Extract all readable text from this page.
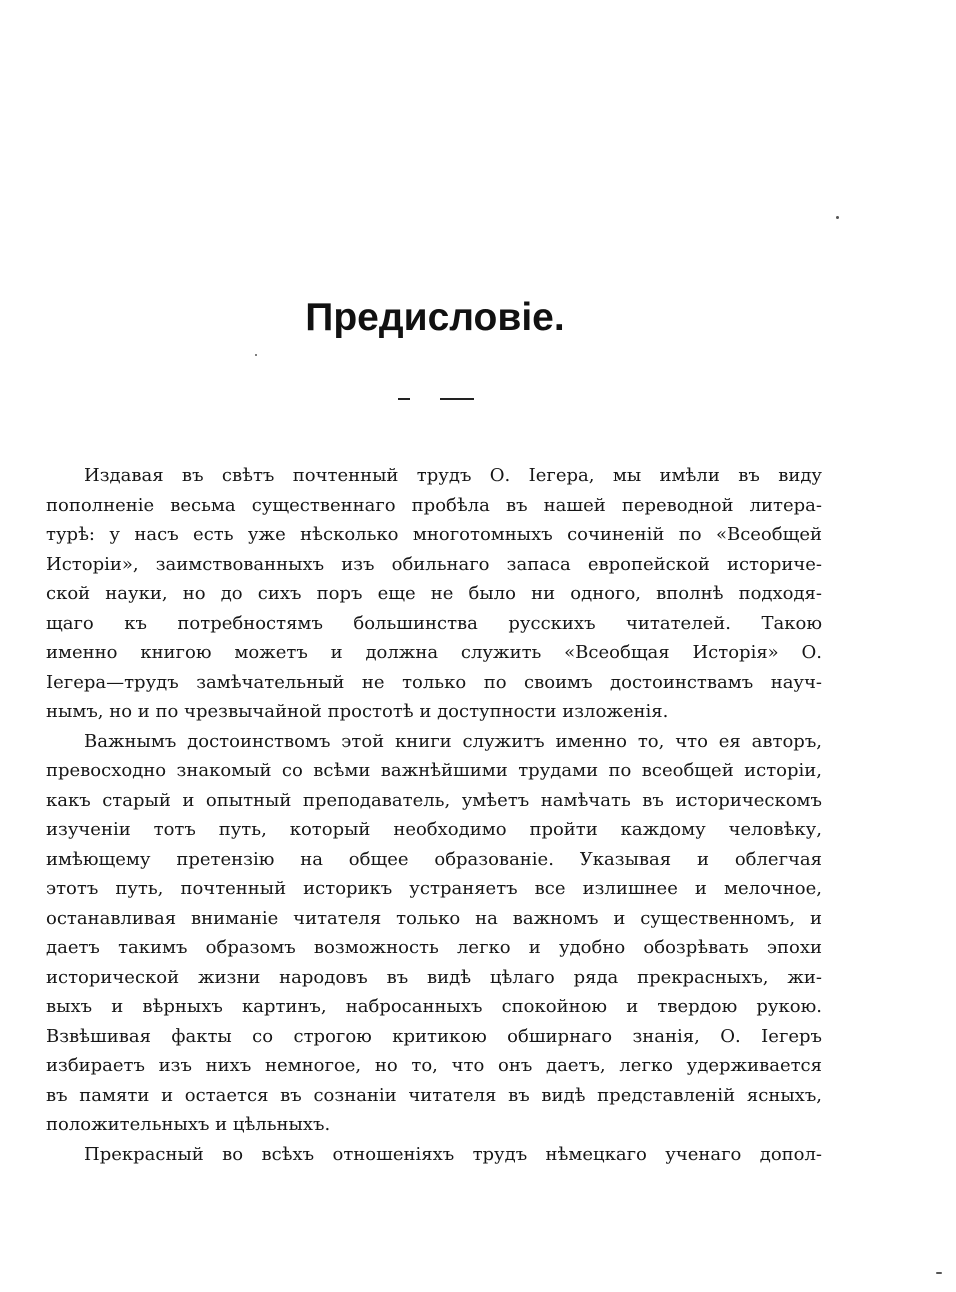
Предисловіе.
Издавая въ свѣтъ почтенный трудъ О. Іегера, мы имѣли въ виду
пополненіе весьма существеннаго пробѣла въ нашей переводной литера-
турѣ: у насъ есть уже нѣсколько многотомныхъ сочиненій по «Всеобщей
Исторіи», заимствованныхъ изъ обильнаго запаса европейской историче-
ской науки, но до сихъ поръ еще не было ни одного, вполнѣ подходя-
щаго къ потребностямъ большинства русскихъ читателей. Такою
именно книгою можетъ и должна служить «Всеобщая Исторія» О.
Іегера—трудъ замѣчательный не только по своимъ достоинствамъ науч-
нымъ, но и по чрезвычайной простотѣ и доступности изложенія.
Важнымъ достоинствомъ этой книги служитъ именно то, что ея авторъ,
превосходно знакомый со всѣми важнѣйшими трудами по всеобщей исторіи,
какъ старый и опытный преподаватель, умѣетъ намѣчать въ историческомъ
изученіи тотъ путь, который необходимо пройти каждому человѣку,
имѣющему претензію на общее образованіе. Указывая и облегчая
этотъ путь, почтенный историкъ устраняетъ все излишнее и мелочное,
останавливая вниманіе читателя только на важномъ и существенномъ, и
даетъ такимъ образомъ возможность легко и удобно обозрѣвать эпохи
исторической жизни народовъ въ видѣ цѣлаго ряда прекрасныхъ, жи-
выхъ и вѣрныхъ картинъ, набросанныхъ спокойною и твердою рукою.
Взвѣшивая факты со строгою критикою обширнаго знанія, О. Іегеръ
избираетъ изъ нихъ немногое, но то, что онъ даетъ, легко удерживается
въ памяти и остается въ сознаніи читателя въ видѣ представленій ясныхъ,
положительныхъ и цѣльныхъ.
Прекрасный во всѣхъ отношеніяхъ трудъ нѣмецкаго ученаго допол-
